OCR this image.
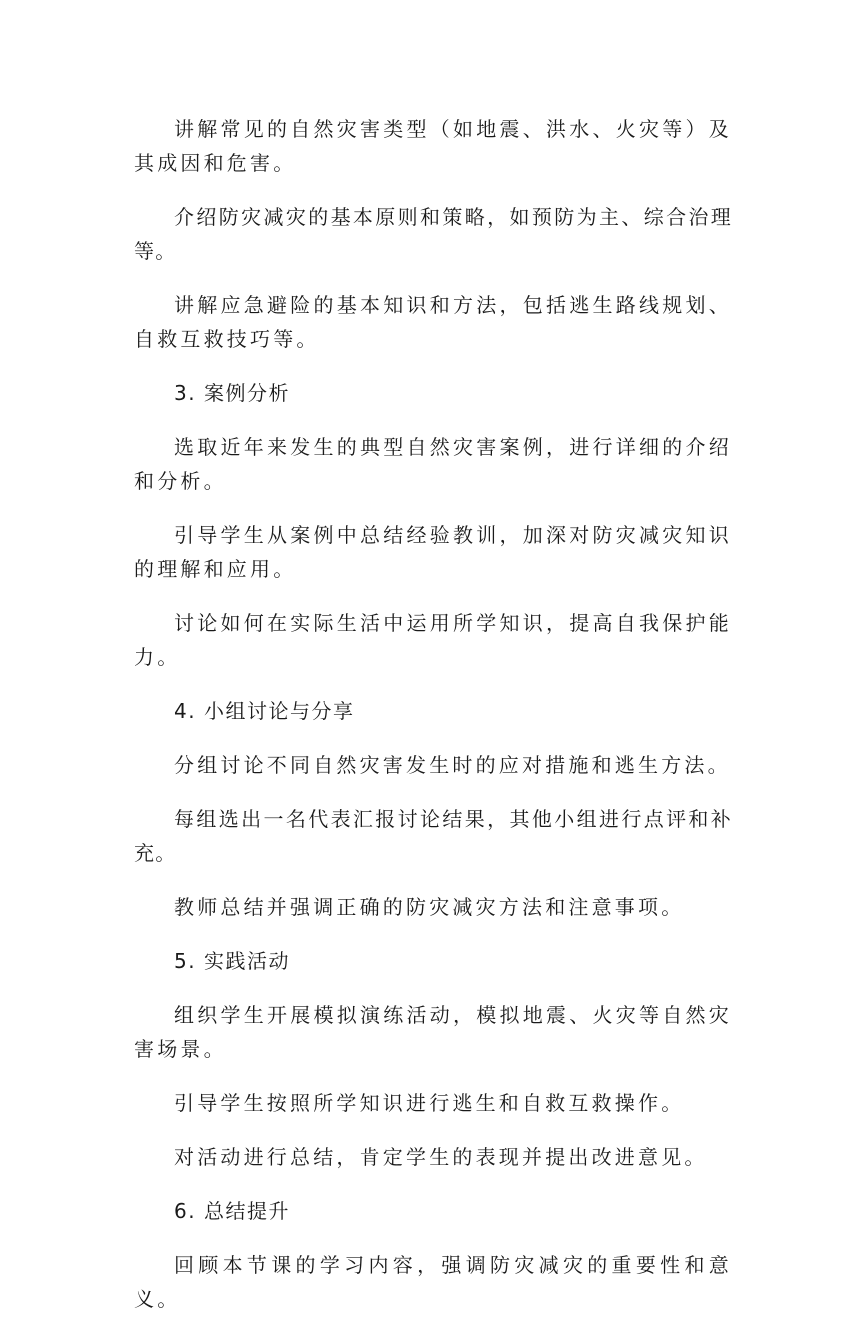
讲解常见的自然灾害类型（如地震、洪水、火灾等）及其成因和危害。

介绍防灾减灾的基本原则和策略，如预防为主、综合治理等。

讲解应急避险的基本知识和方法，包括逃生路线规划、自救互救技巧等。

3. 案例分析

选取近年来发生的典型自然灾害案例，进行详细的介绍和分析。

引导学生从案例中总结经验教训，加深对防灾减灾知识的理解和应用。

讨论如何在实际生活中运用所学知识，提高自我保护能力。

4. 小组讨论与分享

分组讨论不同自然灾害发生时的应对措施和逃生方法。

每组选出一名代表汇报讨论结果，其他小组进行点评和补充。

教师总结并强调正确的防灾减灾方法和注意事项。

5. 实践活动

组织学生开展模拟演练活动，模拟地震、火灾等自然灾害场景。

引导学生按照所学知识进行逃生和自救互救操作。

对活动进行总结，肯定学生的表现并提出改进意见。

6. 总结提升

回顾本节课的学习内容，强调防灾减灾的重要性和意义。
